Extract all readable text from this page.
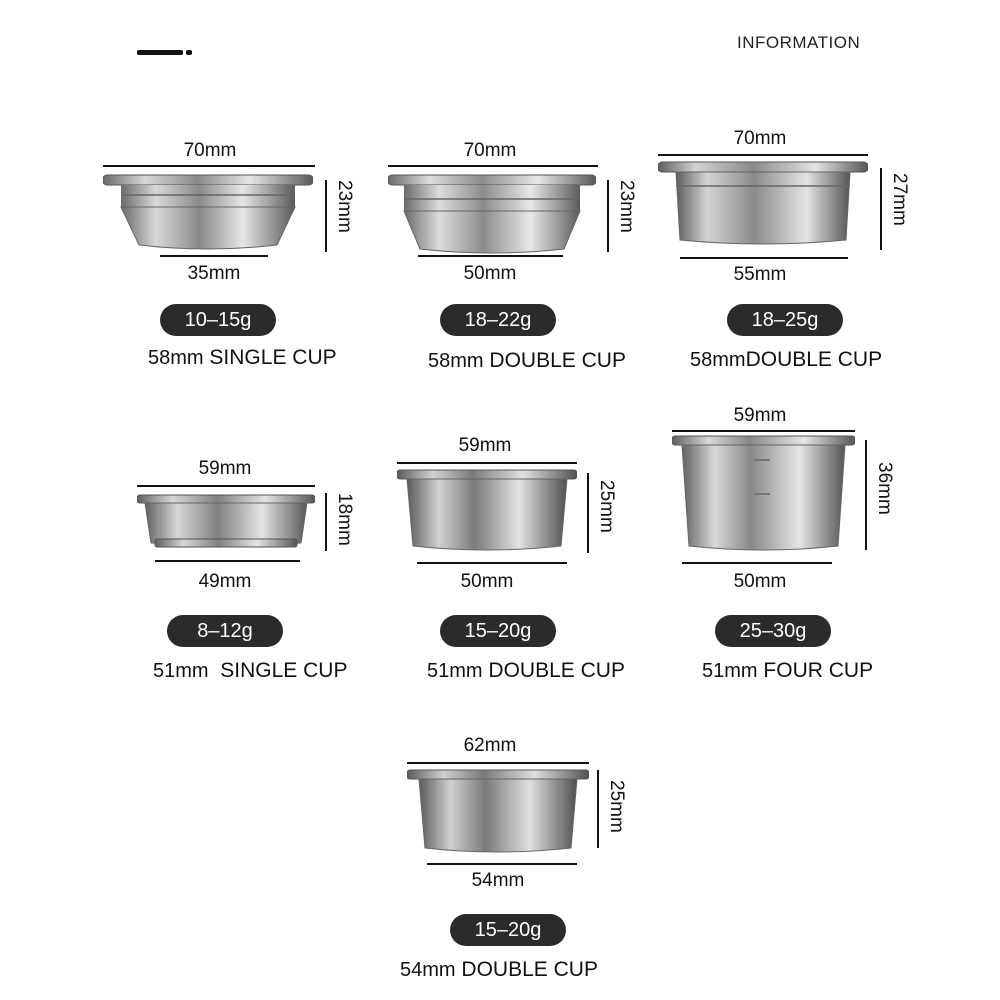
INFORMATION
70mm
23mm
35mm
10–15g
58mm SINGLE CUP
70mm
23mm
50mm
18–22g
58mm DOUBLE CUP
70mm
27mm
55mm
18–25g
58mmDOUBLE CUP
59mm
18mm
49mm
8–12g
51mm SINGLE CUP
59mm
25mm
50mm
15–20g
51mm DOUBLE CUP
59mm
36mm
50mm
25–30g
51mm FOUR CUP
62mm
25mm
54mm
15–20g
54mm DOUBLE CUP
